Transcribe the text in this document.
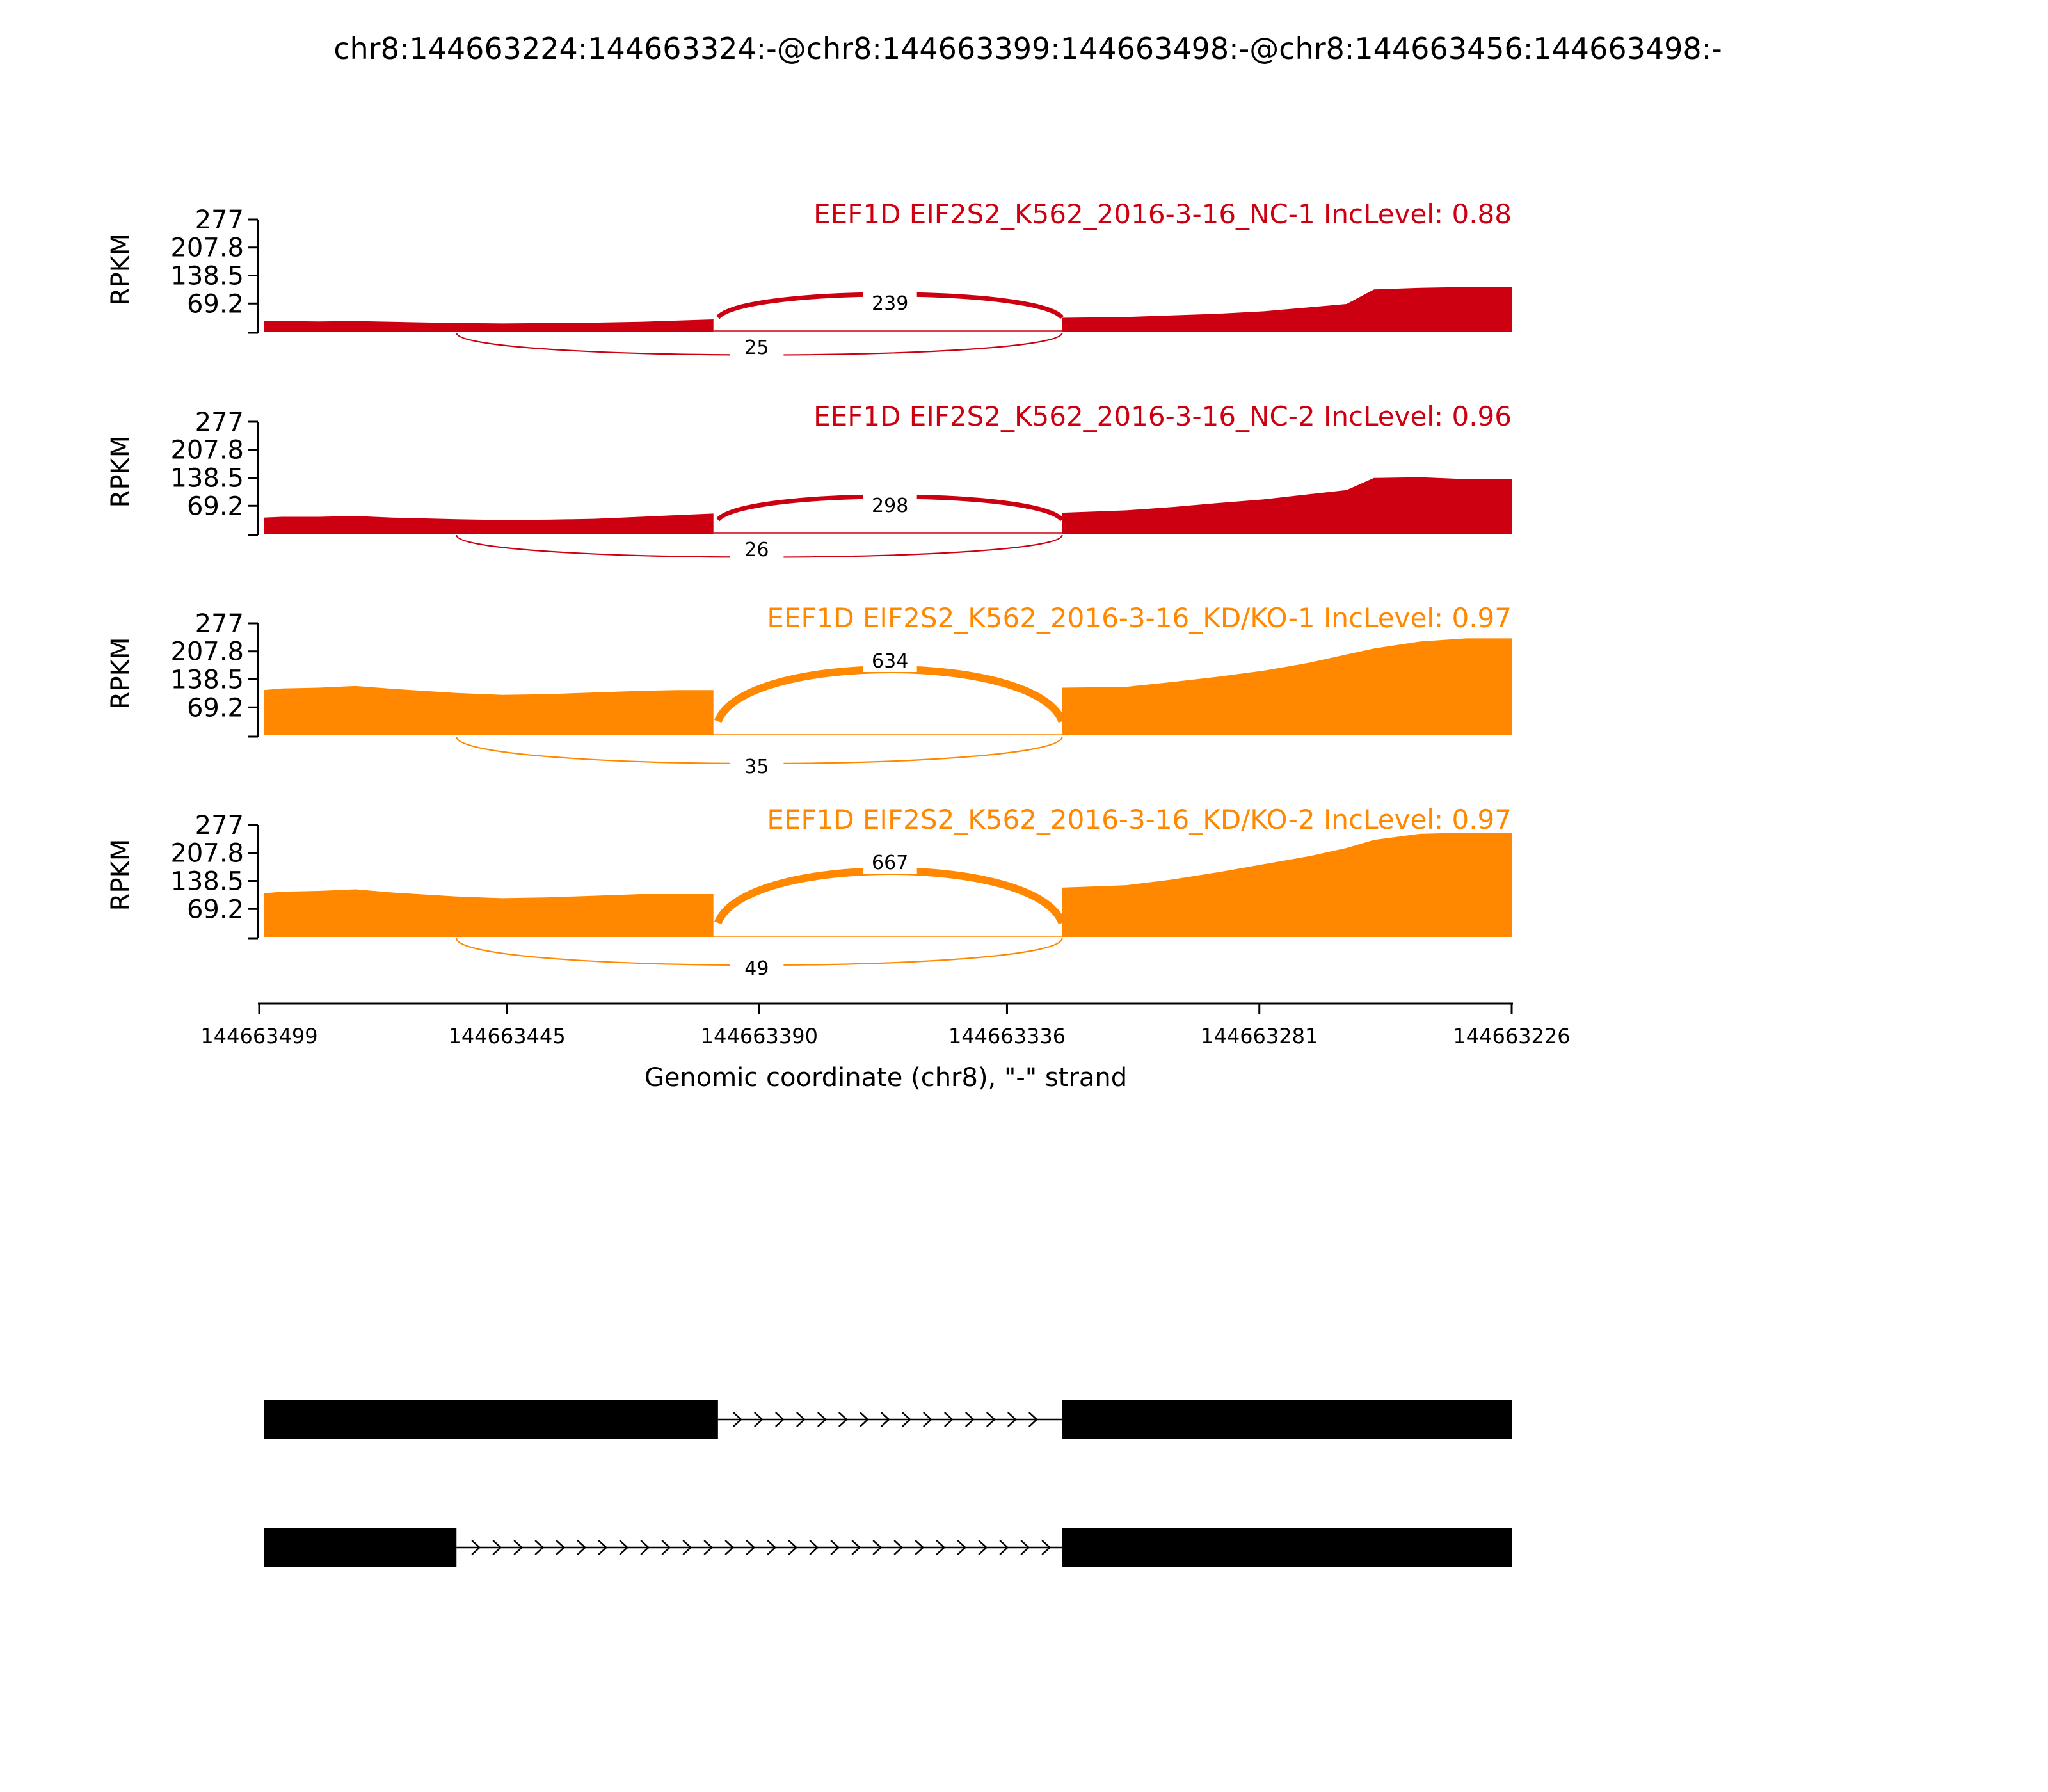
chr8:144663224:144663324:-@chr8:144663399:144663498:-@chr8:144663456:144663498:-
277
207.8
138.5
69.2
RPKM
EEF1D EIF2S2_K562_2016-3-16_NC-1 IncLevel: 0.88
239
25
277
207.8
138.5
69.2
RPKM
EEF1D EIF2S2_K562_2016-3-16_NC-2 IncLevel: 0.96
298
26
277
207.8
138.5
69.2
RPKM
EEF1D EIF2S2_K562_2016-3-16_KD/KO-1 IncLevel: 0.97
634
35
277
207.8
138.5
69.2
RPKM
EEF1D EIF2S2_K562_2016-3-16_KD/KO-2 IncLevel: 0.97
667
49
144663499	144663445	144663390	144663336	144663281	144663226
Genomic coordinate (chr8), "-" strand
